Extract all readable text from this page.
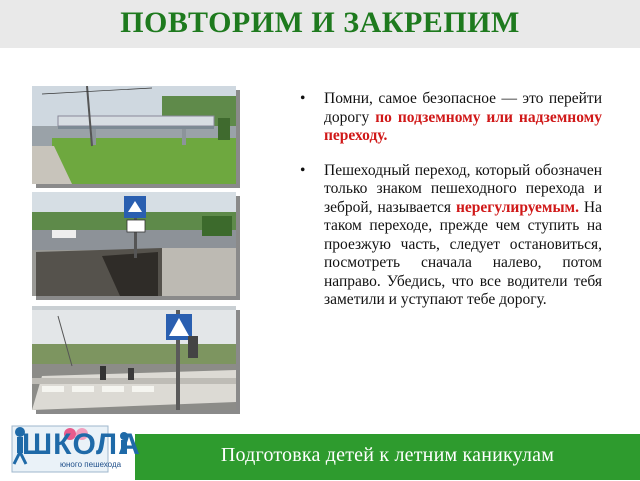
ПОВТОРИМ И ЗАКРЕПИМ
• Помни, самое безопасное — это перейти дорогу по подземному или надземному переходу.
• Пешеходный переход, который обозначен только знаком пешеходного перехода и зеброй, называется нерегулируемым. На таком переходе, прежде чем ступить на проезжую часть, следует остановиться, посмотреть сначала налево, потом направо. Убедись, что все водители тебя заметили и уступают тебе дорогу.
Подготовка детей к летним каникулам
ШКОЛА
юного пешехода
